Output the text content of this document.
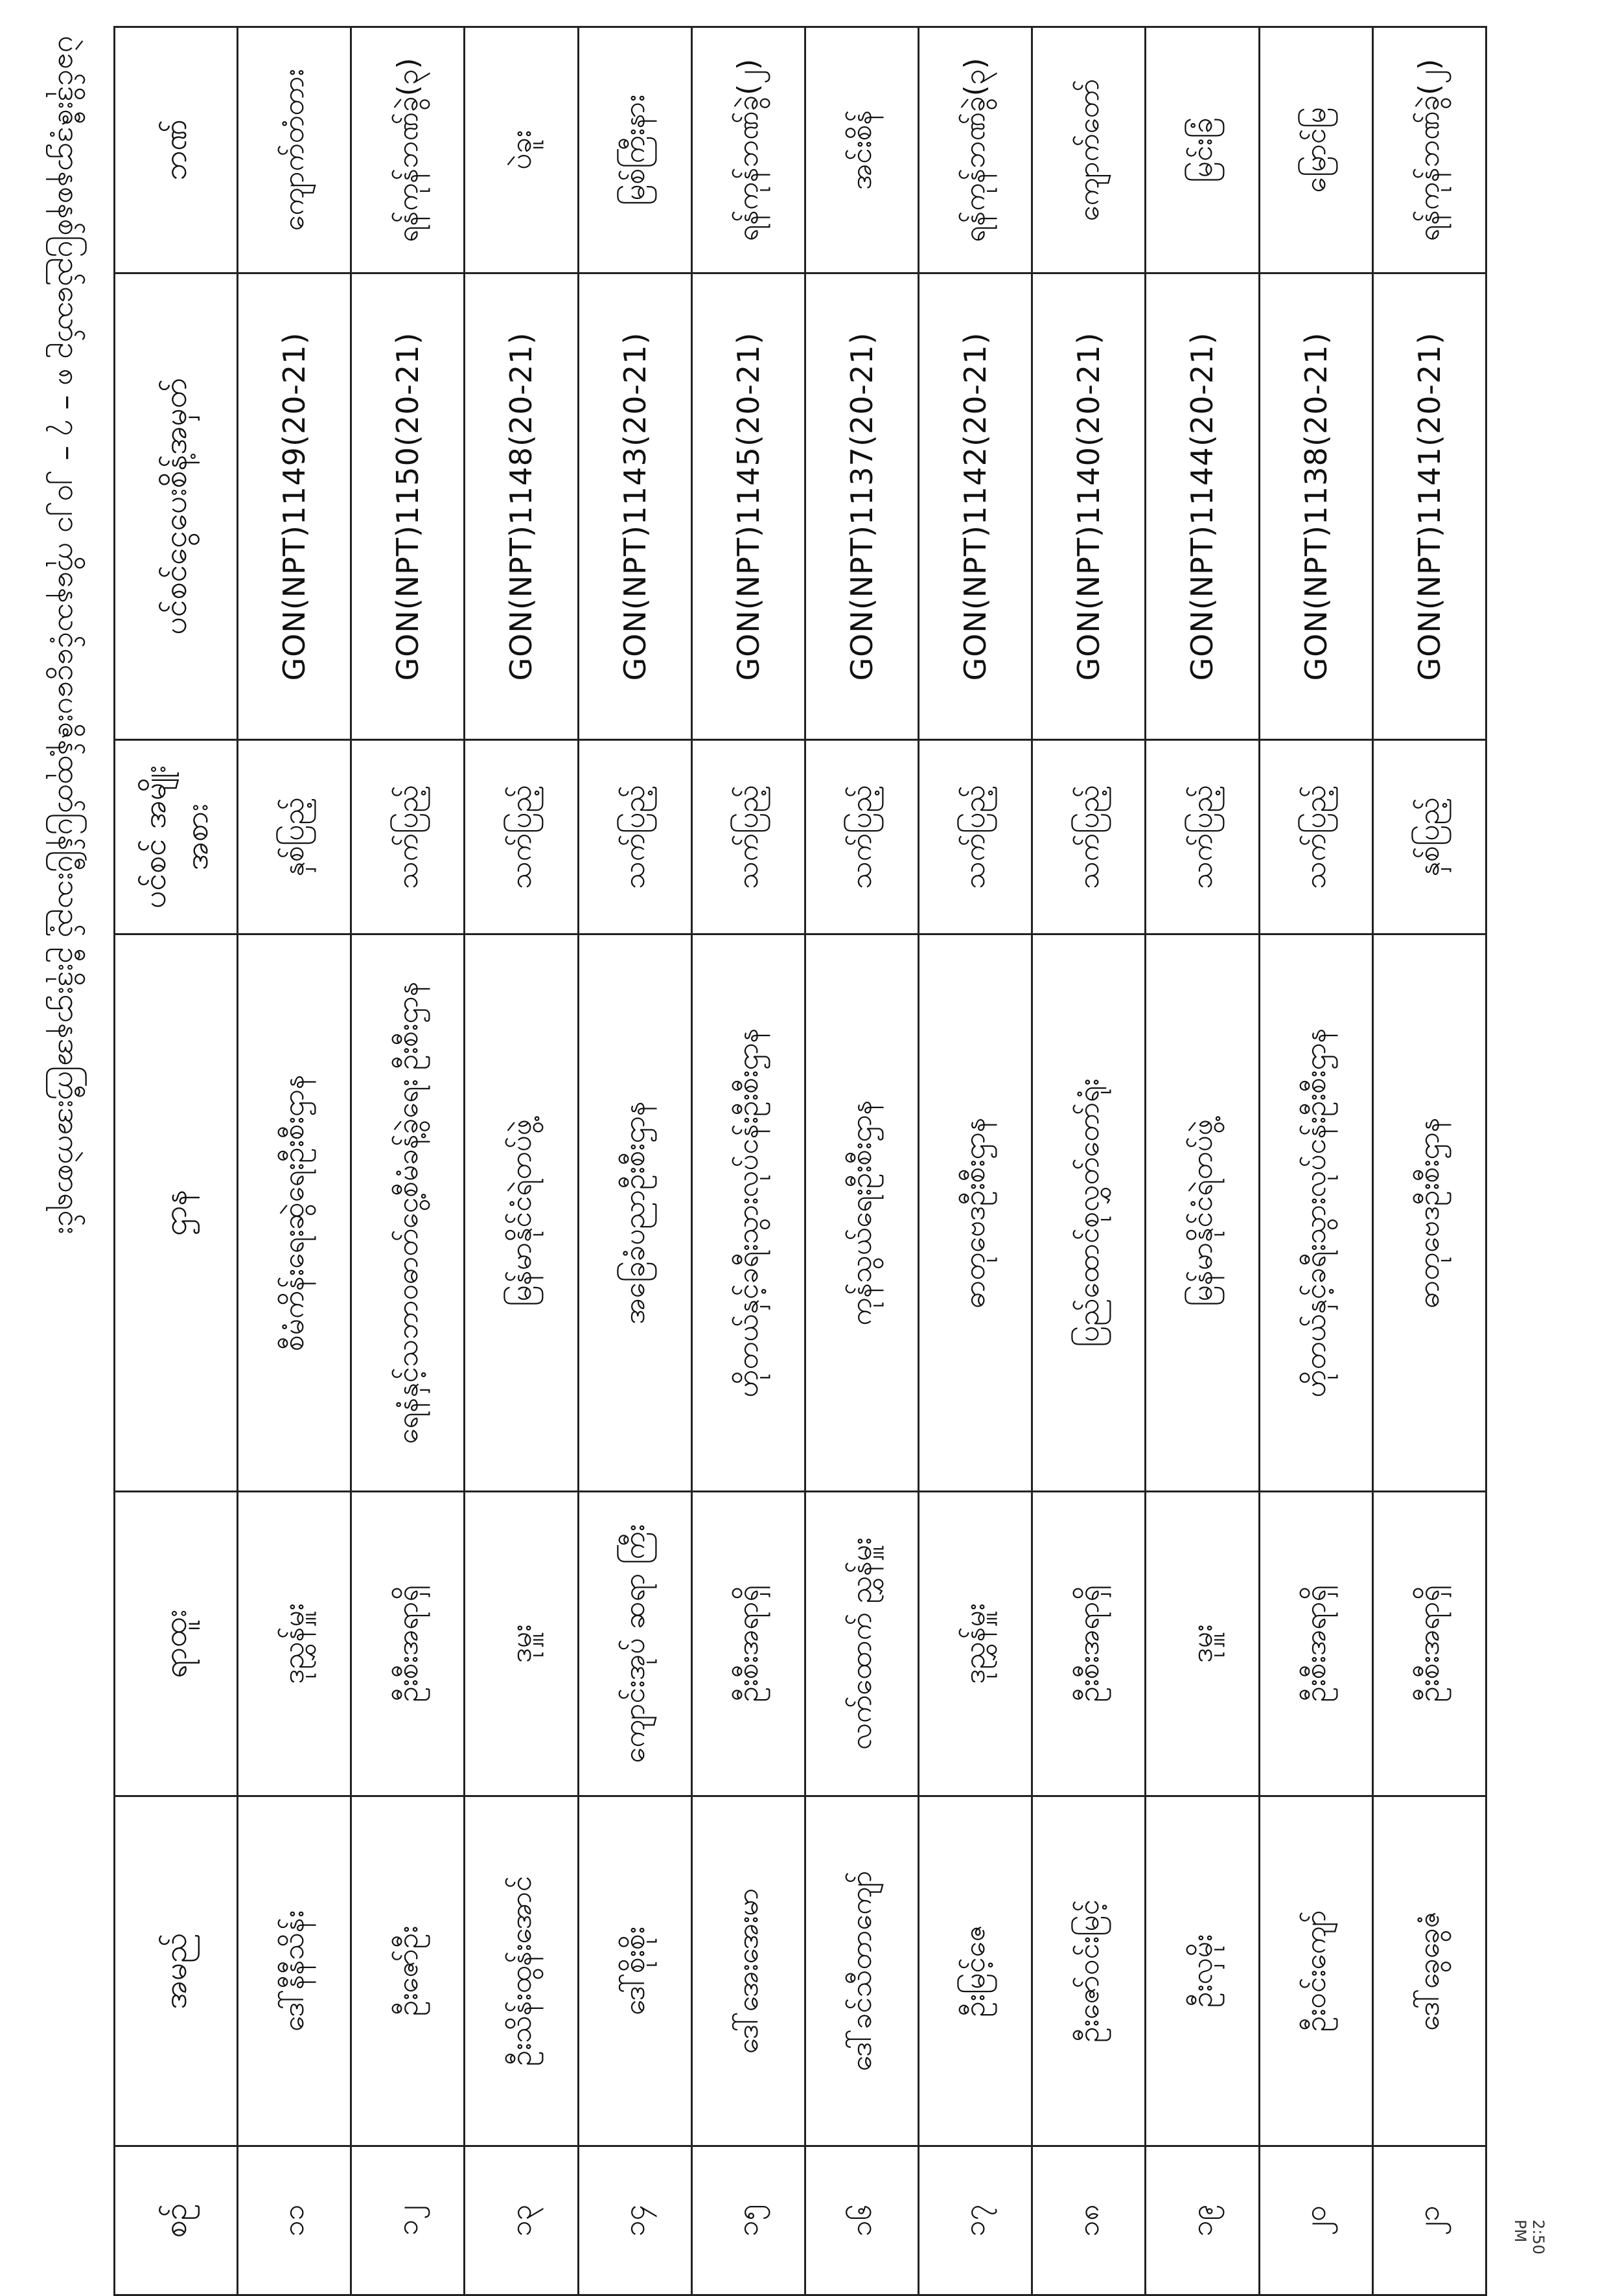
ပဲခင်ဒိုးဇီဒ့ဌာနစနစ်ပြည်သော်ဥ ၈ – ၇ – ၂၀၂၁ ကိုနေသင့်ငွေပေးဇိန့်ထုတ်ပြန်ပြီးသည့် ဦးဒိုးဌာနအကြီးအကဲစာရင်း
2:50 PM
စဉ်	အမည်	ရာထူး	ဌာန	ပင်စင် အမျိုးအစား	ပင်စင်ငွေပေးစိန့်အမှတ်	ဘဏ်
၁၁	ဒေါ်နီနီသိန်း	ဒုညွှန်မှူး	စီမံကိန်းရေးဆွဲရေးဦးစီးဌာန	နှစ်ပြည့်	GON(NPT)1149(20-21)	ကျောက်တံတား
၁၂	ဦးဇော်ဦး	ဦးစီးအရာရှိ	ရေနံနှင့်သဘာဝဓာတ်ငွေ့စီမံခန့်ခွဲရေး ဦးစီးဌာန	သက်ပြည့်	GON(NPT)1150(20-21)	ရန်ကုန်ဘဏ်ခွဲ(၃)
၁၃	ဦးသိန်းထွန်းအောင်	ဒုမှူး	မြန်မာနိုင်ငံရဲတပ်ဖွဲ့	သက်ပြည့်	GON(NPT)1148(20-21)	ပဲခူး
၁၄	ဒေါ်စိုးစိုး	ကျောင်းအုပ် ဆရာ ကြီး	အခြေခံပညာဦးစီးဌာန	သက်ပြည့်	GON(NPT)1143(20-21)	မြစ်ကြီးနား
၁၅	ဒေါ်အေးအေးမာ	ဦးစီးအရာရှိ	ဟိုတယ်နှင့်ခရီးသွားလုပ်ငန်းဦးစီးဌာန	သက်ပြည့်	GON(NPT)1145(20-21)	ရန်ကုန်ဘဏ်ခွဲ(၂)
၁၆	ဒေါ်ခင်သီတာကျော်	လက်ထောက် ညွှန်မှူး	ကုန်သွယ်ရေးဦးစီးဌာန	သက်ပြည့်	GON(NPT)1137(20-21)	အင်းစိန်
၁၇	ဦးမြင့်ဇေ	ဒုညွှန်မှူး	ဓာတုဗေဒဦးစီးဌာန	သက်ပြည့်	GON(NPT)1142(20-21)	ရန်ကုန်ဘဏ်ခွဲ(၃)
၁၈	ဦးဇော်ဝင်းမြင့်	ဦးစီးအရာရှိ	ပြည်ထောင်စုလွှတ်တော်ရုံး	သက်ပြည့်	GON(NPT)1140(20-21)	ကျောက်တော်
၁၉	ဦးလှမိုး	ဒုမှူး	မြန်မာနိုင်ငံရဲတပ်ဖွဲ့	သက်ပြည့်	GON(NPT)1144(20-21)	မြင်းခြံ
၂၀	ဦးဝင်းကျော်	ဦးစီးအရာရှိ	ဟိုတယ်နှင့်ခရီးသွားလုပ်ငန်းဦးစီးဌာန	သက်ပြည့်	GON(NPT)1138(20-21)	မြောင်မြ
၂၁	ဒေါ်ခွေခွေဇံ	ဦးစီးအရာရှိ	ဓာတုဗေဒဦးစီးဌာန	နှစ်ပြည့်	GON(NPT)1141(20-21)	ရန်ကုန်ဘဏ်ခွဲ(၂)
